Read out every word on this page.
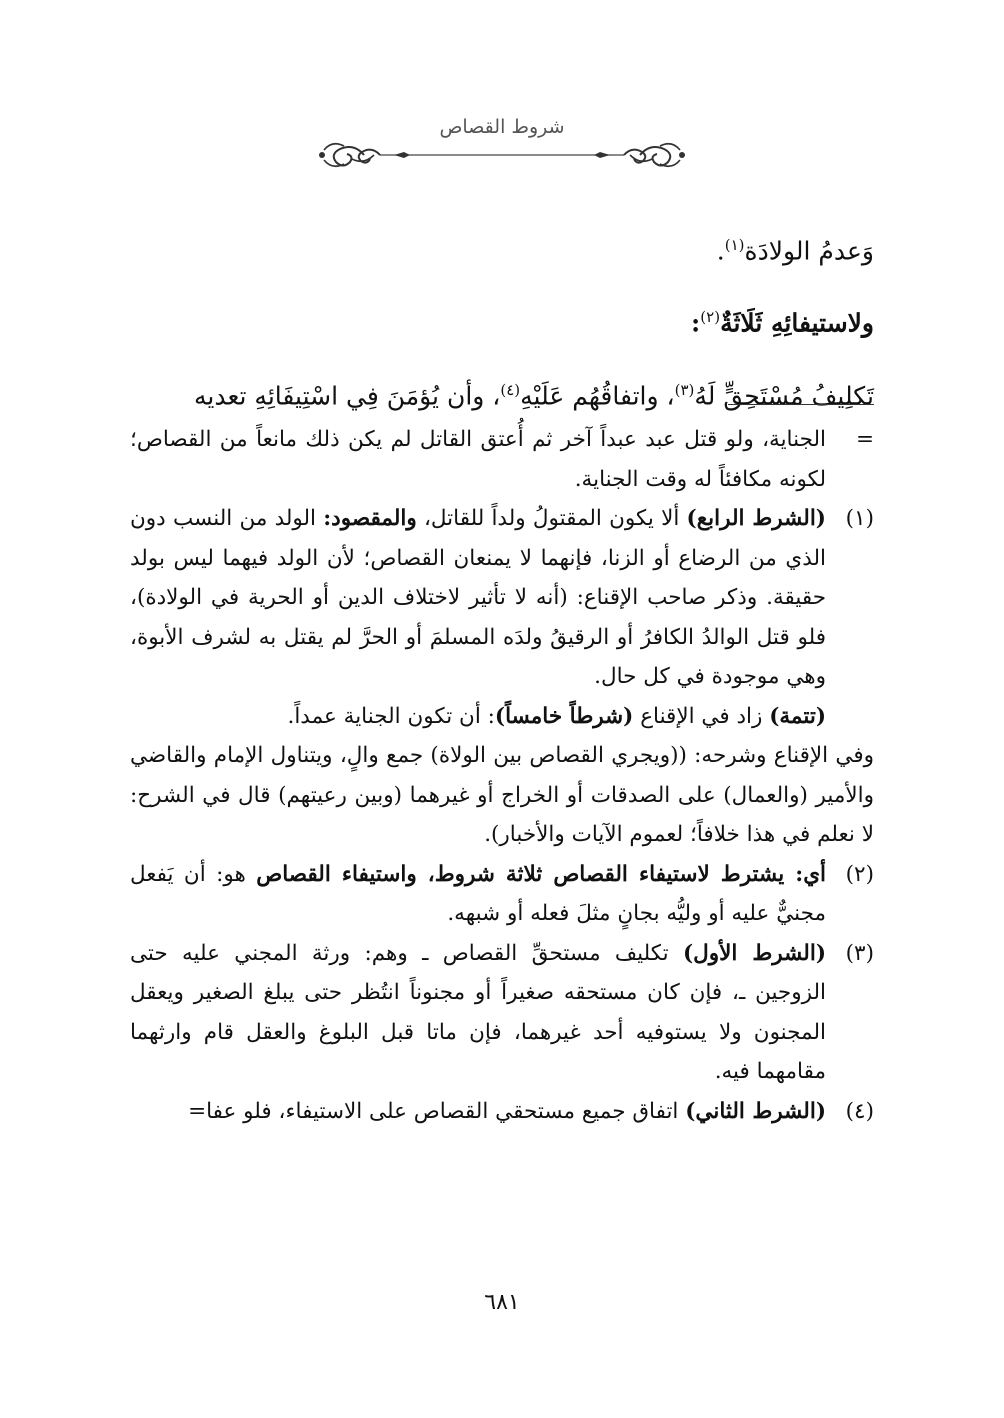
شروط القصاص

وَعدمُ الولادَة$^{(١)}$.

ولاستيفائِهِ ثَلَاثَةٌ$^{(٢)}$:

تَكلِيفُ مُسْتَحِقٍّ لَهُ$^{(٣)}$، واتفاقُهُم عَلَيْهِ$^{(٤)}$، وأن يُؤمَنَ فِي اسْتِيفَائِهِ تعديه

=
الجناية، ولو قتل عبد عبداً آخر ثم أُعتق القاتل لم يكن ذلك مانعاً من القصاص؛ لكونه مكافئاً له وقت الجناية.

(١)
(الشرط الرابع) ألا يكون المقتولُ ولداً للقاتل، والمقصود: الولد من النسب دون الذي من الرضاع أو الزنا، فإنهما لا يمنعان القصاص؛ لأن الولد فيهما ليس بولد حقيقة. وذكر صاحب الإقناع: (أنه لا تأثير لاختلاف الدين أو الحرية في الولادة)، فلو قتل الوالدُ الكافرُ أو الرقيقُ ولدَه المسلمَ أو الحرَّ لم يقتل به لشرف الأبوة، وهي موجودة في كل حال.

(تتمة) زاد في الإقناع (شرطاً خامساً): أن تكون الجناية عمداً.

وفي الإقناع وشرحه: ((ويجري القصاص بين الولاة) جمع والٍ، ويتناول الإمام والقاضي والأمير (والعمال) على الصدقات أو الخراج أو غيرهما (وبين رعيتهم) قال في الشرح: لا نعلم في هذا خلافاً؛ لعموم الآيات والأخبار).

(٢)
أي: يشترط لاستيفاء القصاص ثلاثة شروط، واستيفاء القصاص هو: أن يَفعل مجنيٌّ عليه أو وليُّه بجانٍ مثلَ فعله أو شبهه.

(٣)
(الشرط الأول) تكليف مستحقِّ القصاص ـ وهم: ورثة المجني عليه حتى الزوجين ـ، فإن كان مستحقه صغيراً أو مجنوناً انتُظر حتى يبلغ الصغير ويعقل المجنون ولا يستوفيه أحد غيرهما، فإن ماتا قبل البلوغ والعقل قام وارثهما مقامهما فيه.

(٤)
(الشرط الثاني) اتفاق جميع مستحقي القصاص على الاستيفاء، فلو عفا=

٦٨١
